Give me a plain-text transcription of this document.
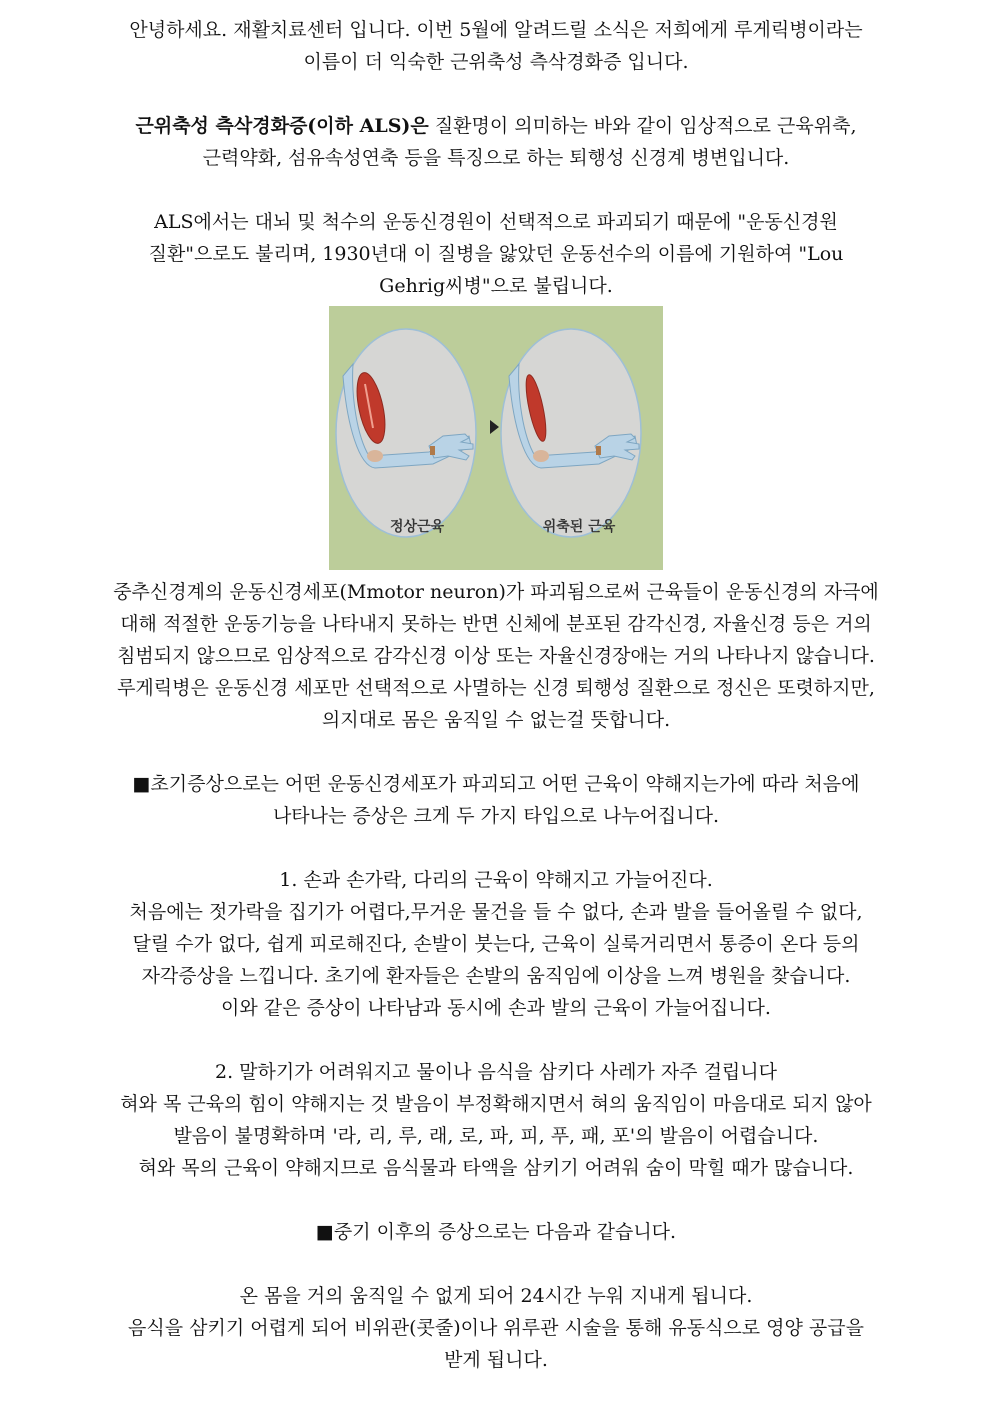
안녕하세요. 재활치료센터 입니다. 이번 5월에 알려드릴 소식은 저희에게 루게릭병이라는
이름이 더 익숙한 근위축성 측삭경화증 입니다.
근위축성 측삭경화증(이하 ALS)은 질환명이 의미하는 바와 같이 임상적으로 근육위축,
근력약화, 섬유속성연축 등을 특징으로 하는 퇴행성 신경계 병변입니다.
ALS에서는 대뇌 및 척수의 운동신경원이 선택적으로 파괴되기 때문에 "운동신경원
질환"으로도 불리며, 1930년대 이 질병을 앓았던 운동선수의 이름에 기원하여 "Lou
Gehrig씨병"으로 불립니다.
정상근육	위축된 근육
중추신경계의 운동신경세포(Mmotor neuron)가 파괴됨으로써 근육들이 운동신경의 자극에
대해 적절한 운동기능을 나타내지 못하는 반면 신체에 분포된 감각신경, 자율신경 등은 거의
침범되지 않으므로 임상적으로 감각신경 이상 또는 자율신경장애는 거의 나타나지 않습니다.
루게릭병은 운동신경 세포만 선택적으로 사멸하는 신경 퇴행성 질환으로 정신은 또렷하지만,
의지대로 몸은 움직일 수 없는걸 뜻합니다.
■초기증상으로는 어떤 운동신경세포가 파괴되고 어떤 근육이 약해지는가에 따라 처음에
나타나는 증상은 크게 두 가지 타입으로 나누어집니다.
1. 손과 손가락, 다리의 근육이 약해지고 가늘어진다.
처음에는 젓가락을 집기가 어렵다,무거운 물건을 들 수 없다, 손과 발을 들어올릴 수 없다,
달릴 수가 없다, 쉽게 피로해진다, 손발이 붓는다, 근육이 실룩거리면서 통증이 온다 등의
자각증상을 느낍니다. 초기에 환자들은 손발의 움직임에 이상을 느껴 병원을 찾습니다.
이와 같은 증상이 나타남과 동시에 손과 발의 근육이 가늘어집니다.
2. 말하기가 어려워지고 물이나 음식을 삼키다 사레가 자주 걸립니다
혀와 목 근육의 힘이 약해지는 것 발음이 부정확해지면서 혀의 움직임이 마음대로 되지 않아
발음이 불명확하며 '라, 리, 루, 래, 로, 파, 피, 푸, 패, 포'의 발음이 어렵습니다.
혀와 목의 근육이 약해지므로 음식물과 타액을 삼키기 어려워 숨이 막힐 때가 많습니다.
■중기 이후의 증상으로는 다음과 같습니다.
온 몸을 거의 움직일 수 없게 되어 24시간 누워 지내게 됩니다.
음식을 삼키기 어렵게 되어 비위관(콧줄)이나 위루관 시술을 통해 유동식으로 영양 공급을
받게 됩니다.
